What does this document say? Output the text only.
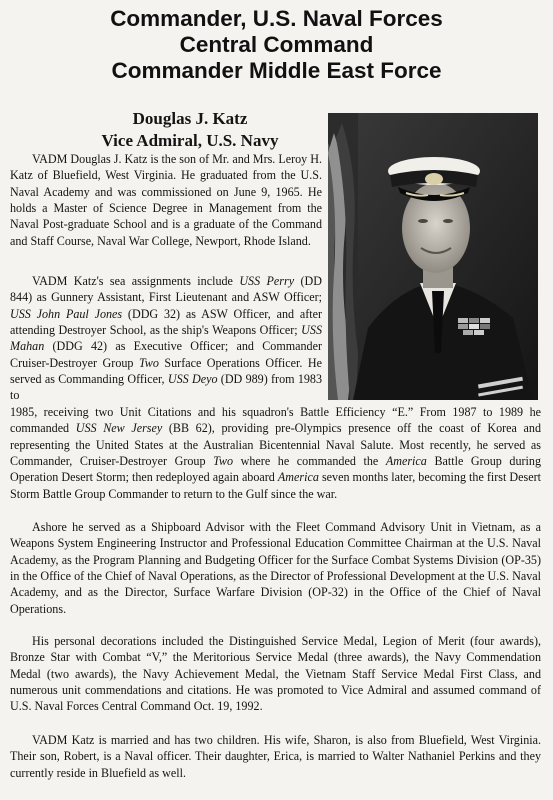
Commander, U.S. Naval Forces
Central Command
Commander Middle East Force
Douglas J. Katz
Vice Admiral, U.S. Navy

VADM Douglas J. Katz is the son of Mr. and Mrs. Leroy H. Katz of Bluefield, West Virginia. He graduated from the U.S. Naval Academy and was commissioned on June 9, 1965. He holds a Master of Science Degree in Management from the Naval Post-graduate School and is a graduate of the Command and Staff Course, Naval War College, Newport, Rhode Island.

VADM Katz's sea assignments include USS Perry (DD 844) as Gunnery Assistant, First Lieutenant and ASW Officer; USS John Paul Jones (DDG 32) as ASW Officer, and after attending Destroyer School, as the ship's Weapons Officer; USS Mahan (DDG 42) as Executive Officer; and Commander Cruiser-Destroyer Group Two Surface Operations Officer. He served as Commanding Officer, USS Deyo (DD 989) from 1983 to

1985, receiving two Unit Citations and his squadron's Battle Efficiency “E.” From 1987 to 1989 he commanded USS New Jersey (BB 62), providing pre-Olympics presence off the coast of Korea and representing the United States at the Australian Bicentennial Naval Salute. Most recently, he served as Commander, Cruiser-Destroyer Group Two where he commanded the America Battle Group during Operation Desert Storm; then redeployed again aboard America seven months later, becoming the first Desert Storm Battle Group Commander to return to the Gulf since the war.

Ashore he served as a Shipboard Advisor with the Fleet Command Advisory Unit in Vietnam, as a Weapons System Engineering Instructor and Professional Education Committee Chairman at the U.S. Naval Academy, as the Program Planning and Budgeting Officer for the Surface Combat Systems Division (OP-35) in the Office of the Chief of Naval Operations, as the Director of Professional Development at the U.S. Naval Academy, and as the Director, Surface Warfare Division (OP-32) in the Office of the Chief of Naval Operations.

His personal decorations included the Distinguished Service Medal, Legion of Merit (four awards), Bronze Star with Combat “V,” the Meritorious Service Medal (three awards), the Navy Commendation Medal (two awards), the Navy Achievement Medal, the Vietnam Staff Service Medal First Class, and numerous unit commendations and citations. He was promoted to Vice Admiral and assumed command of U.S. Naval Forces Central Command Oct. 19, 1992.

VADM Katz is married and has two children. His wife, Sharon, is also from Bluefield, West Virginia. Their son, Robert, is a Naval officer. Their daughter, Erica, is married to Walter Nathaniel Perkins and they currently reside in Bluefield as well.
